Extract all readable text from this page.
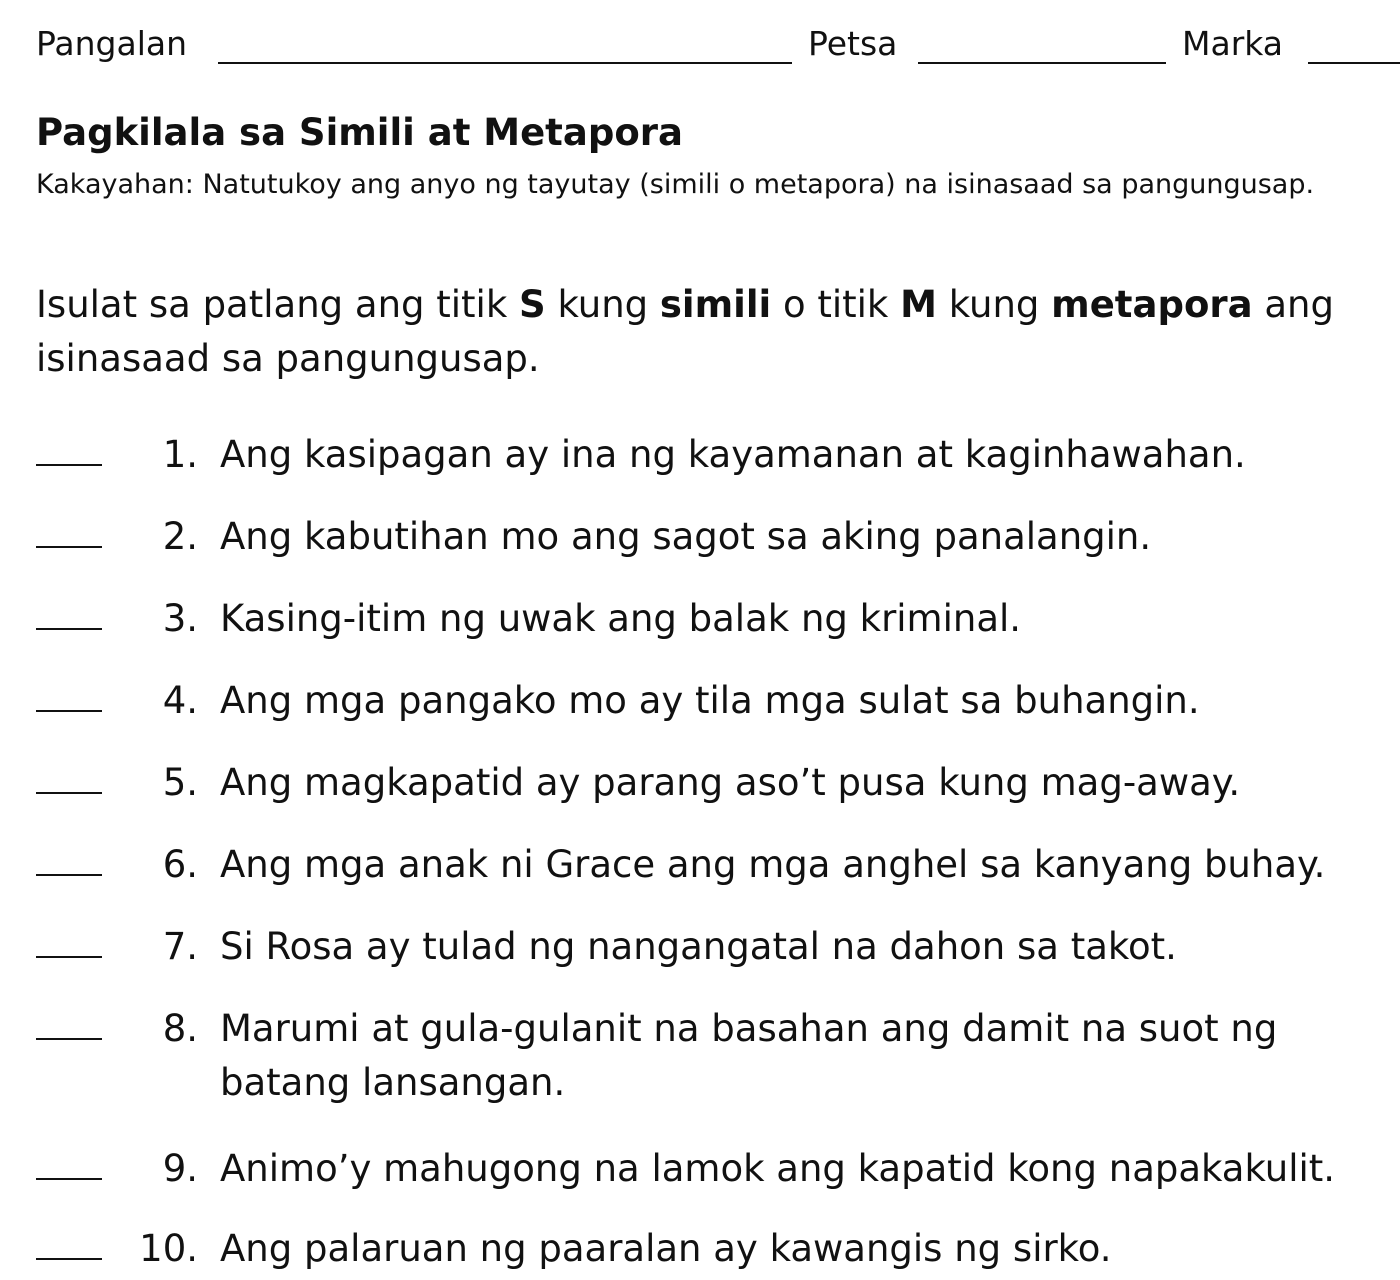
Pangalan	Petsa	Marka
Pagkilala sa Simili at Metapora
Kakayahan: Natutukoy ang anyo ng tayutay (simili o metapora) na isinasaad sa pangungusap.
Isulat sa patlang ang titik S kung simili o titik M kung metapora ang isinasaad sa pangungusap.
1. Ang kasipagan ay ina ng kayamanan at kaginhawahan.
2. Ang kabutihan mo ang sagot sa aking panalangin.
3. Kasing-itim ng uwak ang balak ng kriminal.
4. Ang mga pangako mo ay tila mga sulat sa buhangin.
5. Ang magkapatid ay parang aso’t pusa kung mag-away.
6. Ang mga anak ni Grace ang mga anghel sa kanyang buhay.
7. Si Rosa ay tulad ng nangangatal na dahon sa takot.
8. Marumi at gula-gulanit na basahan ang damit na suot ng batang lansangan.
9. Animo’y mahugong na lamok ang kapatid kong napakakulit.
10. Ang palaruan ng paaralan ay kawangis ng sirko.
